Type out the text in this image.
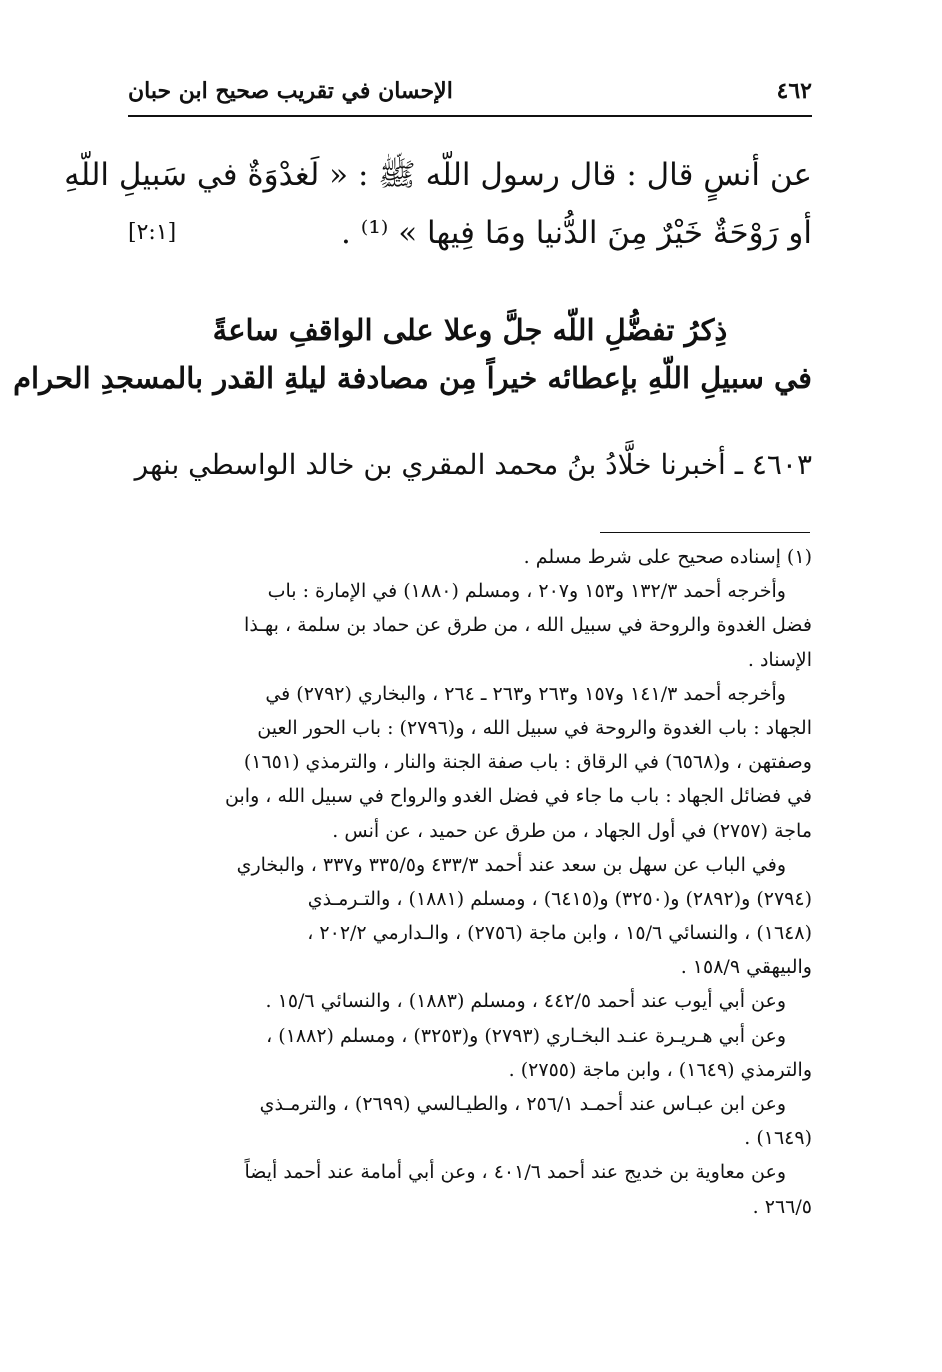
٤٦٢
الإحسان في تقريب صحيح ابن حبان
عن أنسٍ قال : قال رسول اللّه ﷺ : « لَغدْوَةٌ في سَبيلِ اللّهِ
أو رَوْحَةٌ خَيْرٌ مِنَ الدُّنيا ومَا فِيها » ⁽¹⁾ .
[٢:١]
ذِكرُ تفضُّلِ اللّه جلَّ وعلا على الواقفِ ساعةً
في سبيلِ اللّهِ بإعطائه خيراً مِن مصادفة ليلةِ القدر بالمسجدِ الحرام
٤٦٠٣ ـ أخبرنا خلَّادُ بنُ محمد المقري بن خالد الواسطي بنهر
(١) إسناده صحيح على شرط مسلم .
وأخرجه أحمد ١٣٢/٣ و١٥٣ و٢٠٧ ، ومسلم (١٨٨٠) في الإمارة : باب
فضل الغدوة والروحة في سبيل الله ، من طرق عن حماد بن سلمة ، بهـذا
الإسناد .
وأخرجه أحمد ١٤١/٣ و١٥٧ و٢٦٣ و٢٦٣ ـ ٢٦٤ ، والبخاري (٢٧٩٢) في
الجهاد : باب الغدوة والروحة في سبيل الله ، و(٢٧٩٦) : باب الحور العين
وصفتهن ، و(٦٥٦٨) في الرقاق : باب صفة الجنة والنار ، والترمذي (١٦٥١)
في فضائل الجهاد : باب ما جاء في فضل الغدو والرواح في سبيل الله ، وابن
ماجة (٢٧٥٧) في أول الجهاد ، من طرق عن حميد ، عن أنس .
وفي الباب عن سهل بن سعد عند أحمد ٤٣٣/٣ و٣٣٥/٥ و٣٣٧ ، والبخاري
(٢٧٩٤) و(٢٨٩٢) و(٣٢٥٠) و(٦٤١٥) ، ومسلم (١٨٨١) ، والتـرمـذي
(١٦٤٨) ، والنسائي ١٥/٦ ، وابن ماجة (٢٧٥٦) ، والـدارمي ٢٠٢/٢ ،
والبيهقي ١٥٨/٩ .
وعن أبي أيوب عند أحمد ٤٤٢/٥ ، ومسلم (١٨٨٣) ، والنسائي ١٥/٦ .
وعن أبي هـريـرة عنـد البخـاري (٢٧٩٣) و(٣٢٥٣) ، ومسلم (١٨٨٢) ،
والترمذي (١٦٤٩) ، وابن ماجة (٢٧٥٥) .
وعن ابن عبـاس عند أحمـد ٢٥٦/١ ، والطيـالسي (٢٦٩٩) ، والترمـذي
(١٦٤٩) .
وعن معاوية بن خديج عند أحمد ٤٠١/٦ ، وعن أبي أمامة عند أحمد أيضاً
٢٦٦/٥ .
